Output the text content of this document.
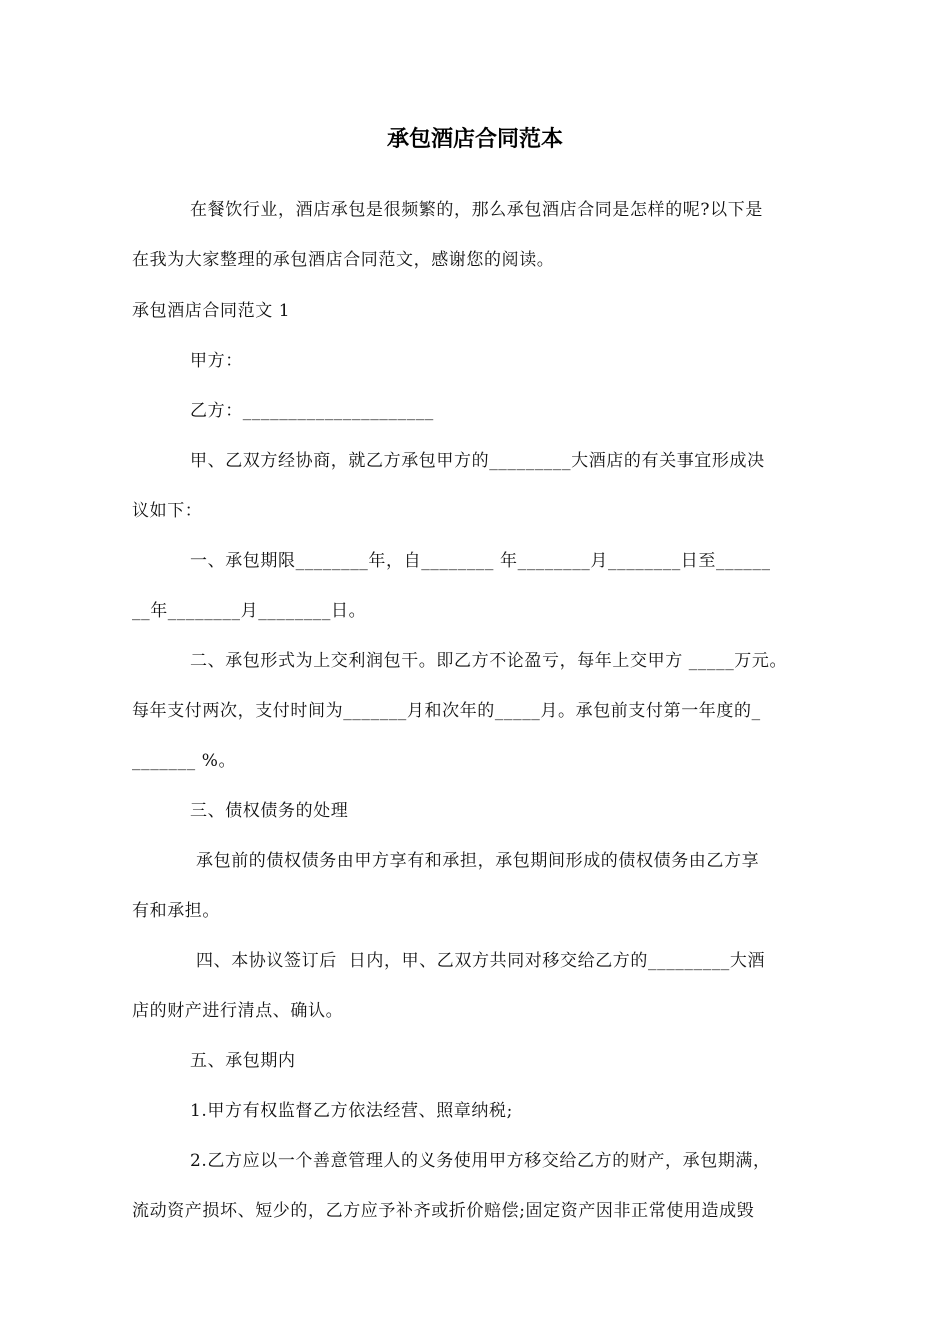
承包酒店合同范本
在餐饮行业，酒店承包是很频繁的，那么承包酒店合同是怎样的呢?以下是
在我为大家整理的承包酒店合同范文，感谢您的阅读。
承包酒店合同范文 1
甲方：
乙方：_____________________
甲、乙双方经协商，就乙方承包甲方的_________大酒店的有关事宜形成决
议如下：
一、承包期限________年，自________ 年________月________日至______
__年________月________日。
二、承包形式为上交利润包干。即乙方不论盈亏，每年上交甲方 _____万元。
每年支付两次，支付时间为_______月和次年的_____月。承包前支付第一年度的_
_______ %。
三、债权债务的处理
承包前的债权债务由甲方享有和承担，承包期间形成的债权债务由乙方享
有和承担。
四、本协议签订后  日内，甲、乙双方共同对移交给乙方的_________大酒
店的财产进行清点、确认。
五、承包期内
1.甲方有权监督乙方依法经营、照章纳税;
2.乙方应以一个善意管理人的义务使用甲方移交给乙方的财产，承包期满，
流动资产损坏、短少的，乙方应予补齐或折价赔偿;固定资产因非正常使用造成毁
